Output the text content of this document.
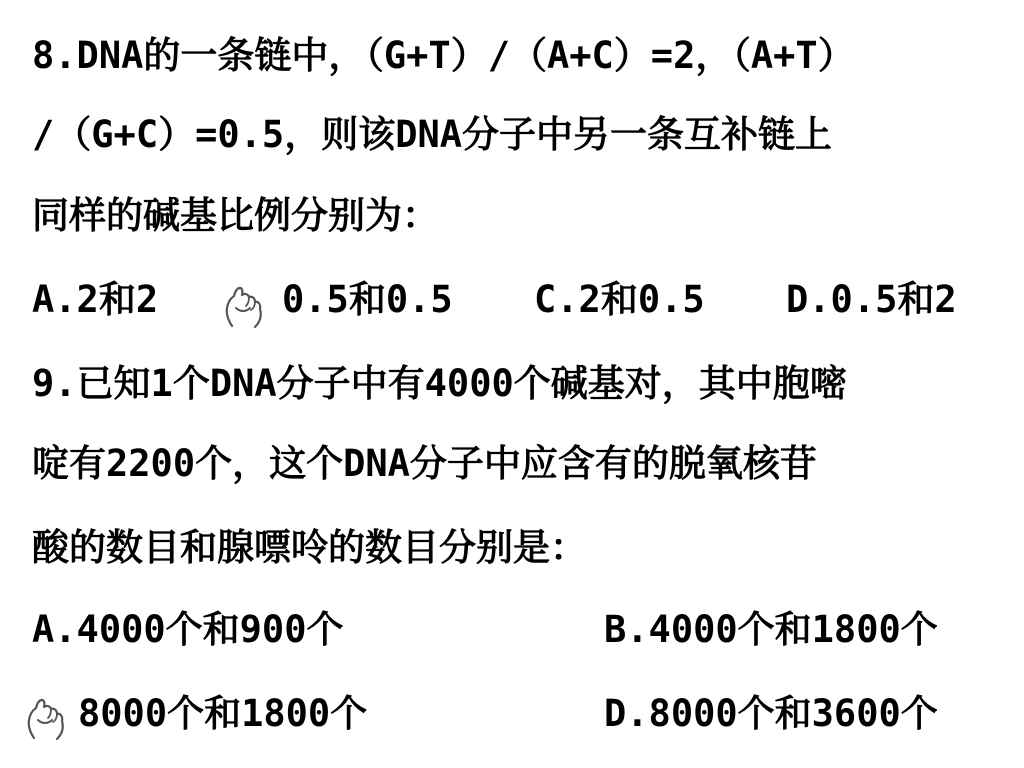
8.DNA的一条链中，（G+T）/（A+C）=2，（A+T）
/（G+C）=0.5，则该DNA分子中另一条互补链上
同样的碱基比例分别为：
A.2和2	0.5和0.5 C.2和0.5 D.0.5和2
9.已知1个DNA分子中有4000个碱基对，其中胞嘧
啶有2200个，这个DNA分子中应含有的脱氧核苷
酸的数目和腺嘌呤的数目分别是：
A.4000个和900个	B.4000个和1800个
8000个和1800个	D.8000个和3600个
